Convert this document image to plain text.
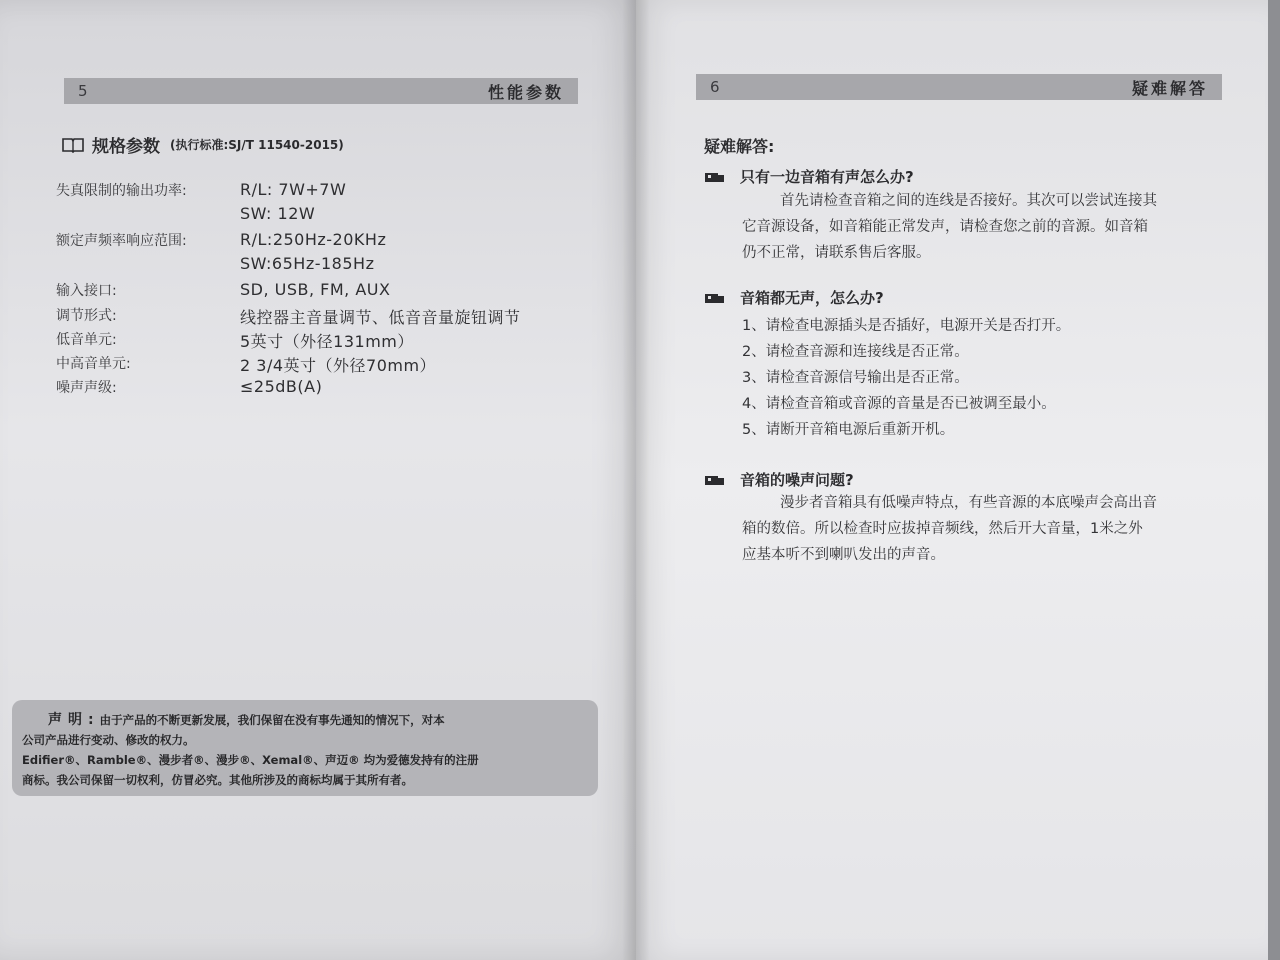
5	性能参数
规格参数 (执行标准:SJ/T 11540-2015)
失真限制的输出功率:	R/L: 7W+7W
SW: 12W
额定声频率响应范围:	R/L:250Hz-20KHz
SW:65Hz-185Hz
输入接口:	SD, USB, FM, AUX
调节形式:	线控器主音量调节、低音音量旋钮调节
低音单元:	5英寸（外径131mm）
中高音单元:	2 3/4英寸（外径70mm）
噪声声级:	≤25dB(A)
声明:由于产品的不断更新发展，我们保留在没有事先通知的情况下，对本
公司产品进行变动、修改的权力。
Edifier®、Ramble®、漫步者®、漫步®、Xemal®、声迈® 均为爱德发持有的注册
商标。我公司保留一切权利，仿冒必究。其他所涉及的商标均属于其所有者。
6	疑难解答
疑难解答:
只有一边音箱有声怎么办?
首先请检查音箱之间的连线是否接好。其次可以尝试连接其
它音源设备，如音箱能正常发声，请检查您之前的音源。如音箱
仍不正常，请联系售后客服。
音箱都无声，怎么办?
1、请检查电源插头是否插好，电源开关是否打开。
2、请检查音源和连接线是否正常。
3、请检查音源信号输出是否正常。
4、请检查音箱或音源的音量是否已被调至最小。
5、请断开音箱电源后重新开机。
音箱的噪声问题?
漫步者音箱具有低噪声特点，有些音源的本底噪声会高出音
箱的数倍。所以检查时应拔掉音频线，然后开大音量，1米之外
应基本听不到喇叭发出的声音。
